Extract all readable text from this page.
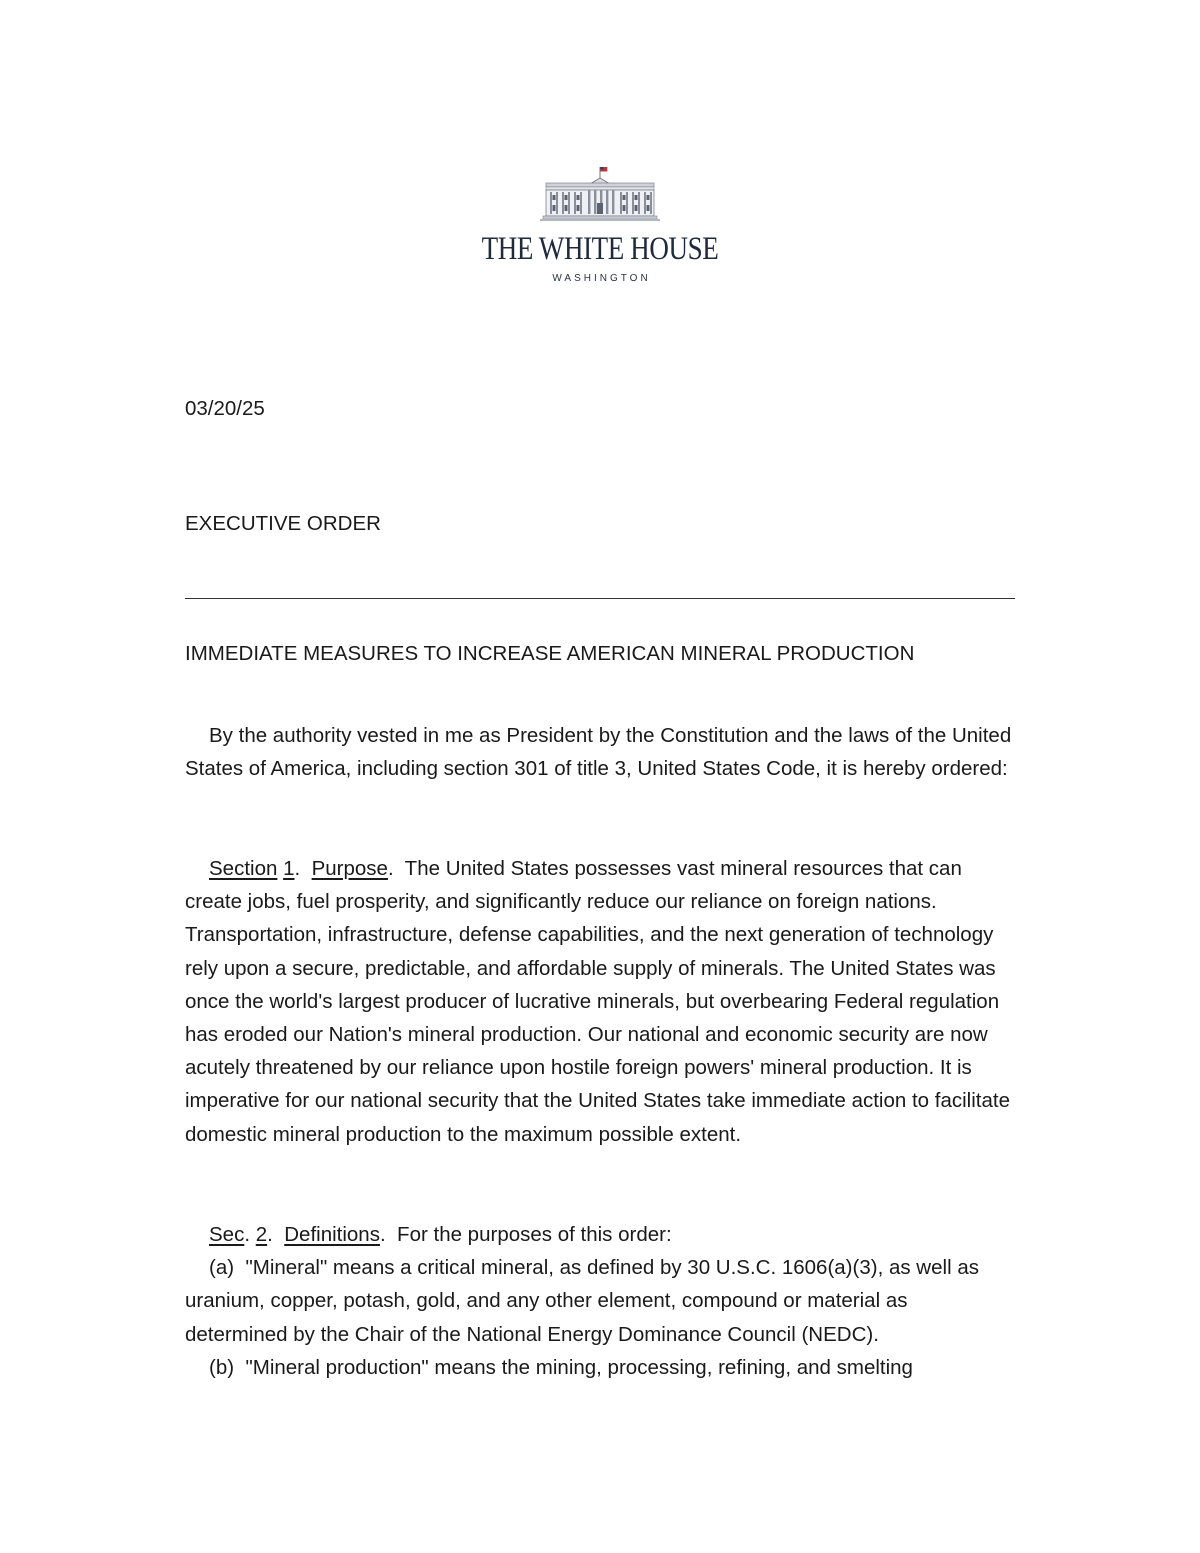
THE WHITE HOUSE
WASHINGTON
03/20/25
EXECUTIVE ORDER
IMMEDIATE MEASURES TO INCREASE AMERICAN MINERAL PRODUCTION

By the authority vested in me as President by the Constitution and the laws of the United States of America, including section 301 of title 3, United States Code, it is hereby ordered:

Section 1.  Purpose.  The United States possesses vast mineral resources that can create jobs, fuel prosperity, and significantly reduce our reliance on foreign nations. Transportation, infrastructure, defense capabilities, and the next generation of technology rely upon a secure, predictable, and affordable supply of minerals. The United States was once the world's largest producer of lucrative minerals, but overbearing Federal regulation has eroded our Nation's mineral production. Our national and economic security are now acutely threatened by our reliance upon hostile foreign powers' mineral production. It is imperative for our national security that the United States take immediate action to facilitate domestic mineral production to the maximum possible extent.

Sec. 2.  Definitions.  For the purposes of this order:

(a) "Mineral" means a critical mineral, as defined by 30 U.S.C. 1606(a)(3), as well as uranium, copper, potash, gold, and any other element, compound or material as determined by the Chair of the National Energy Dominance Council (NEDC).

(b) "Mineral production" means the mining, processing, refining, and smelting
